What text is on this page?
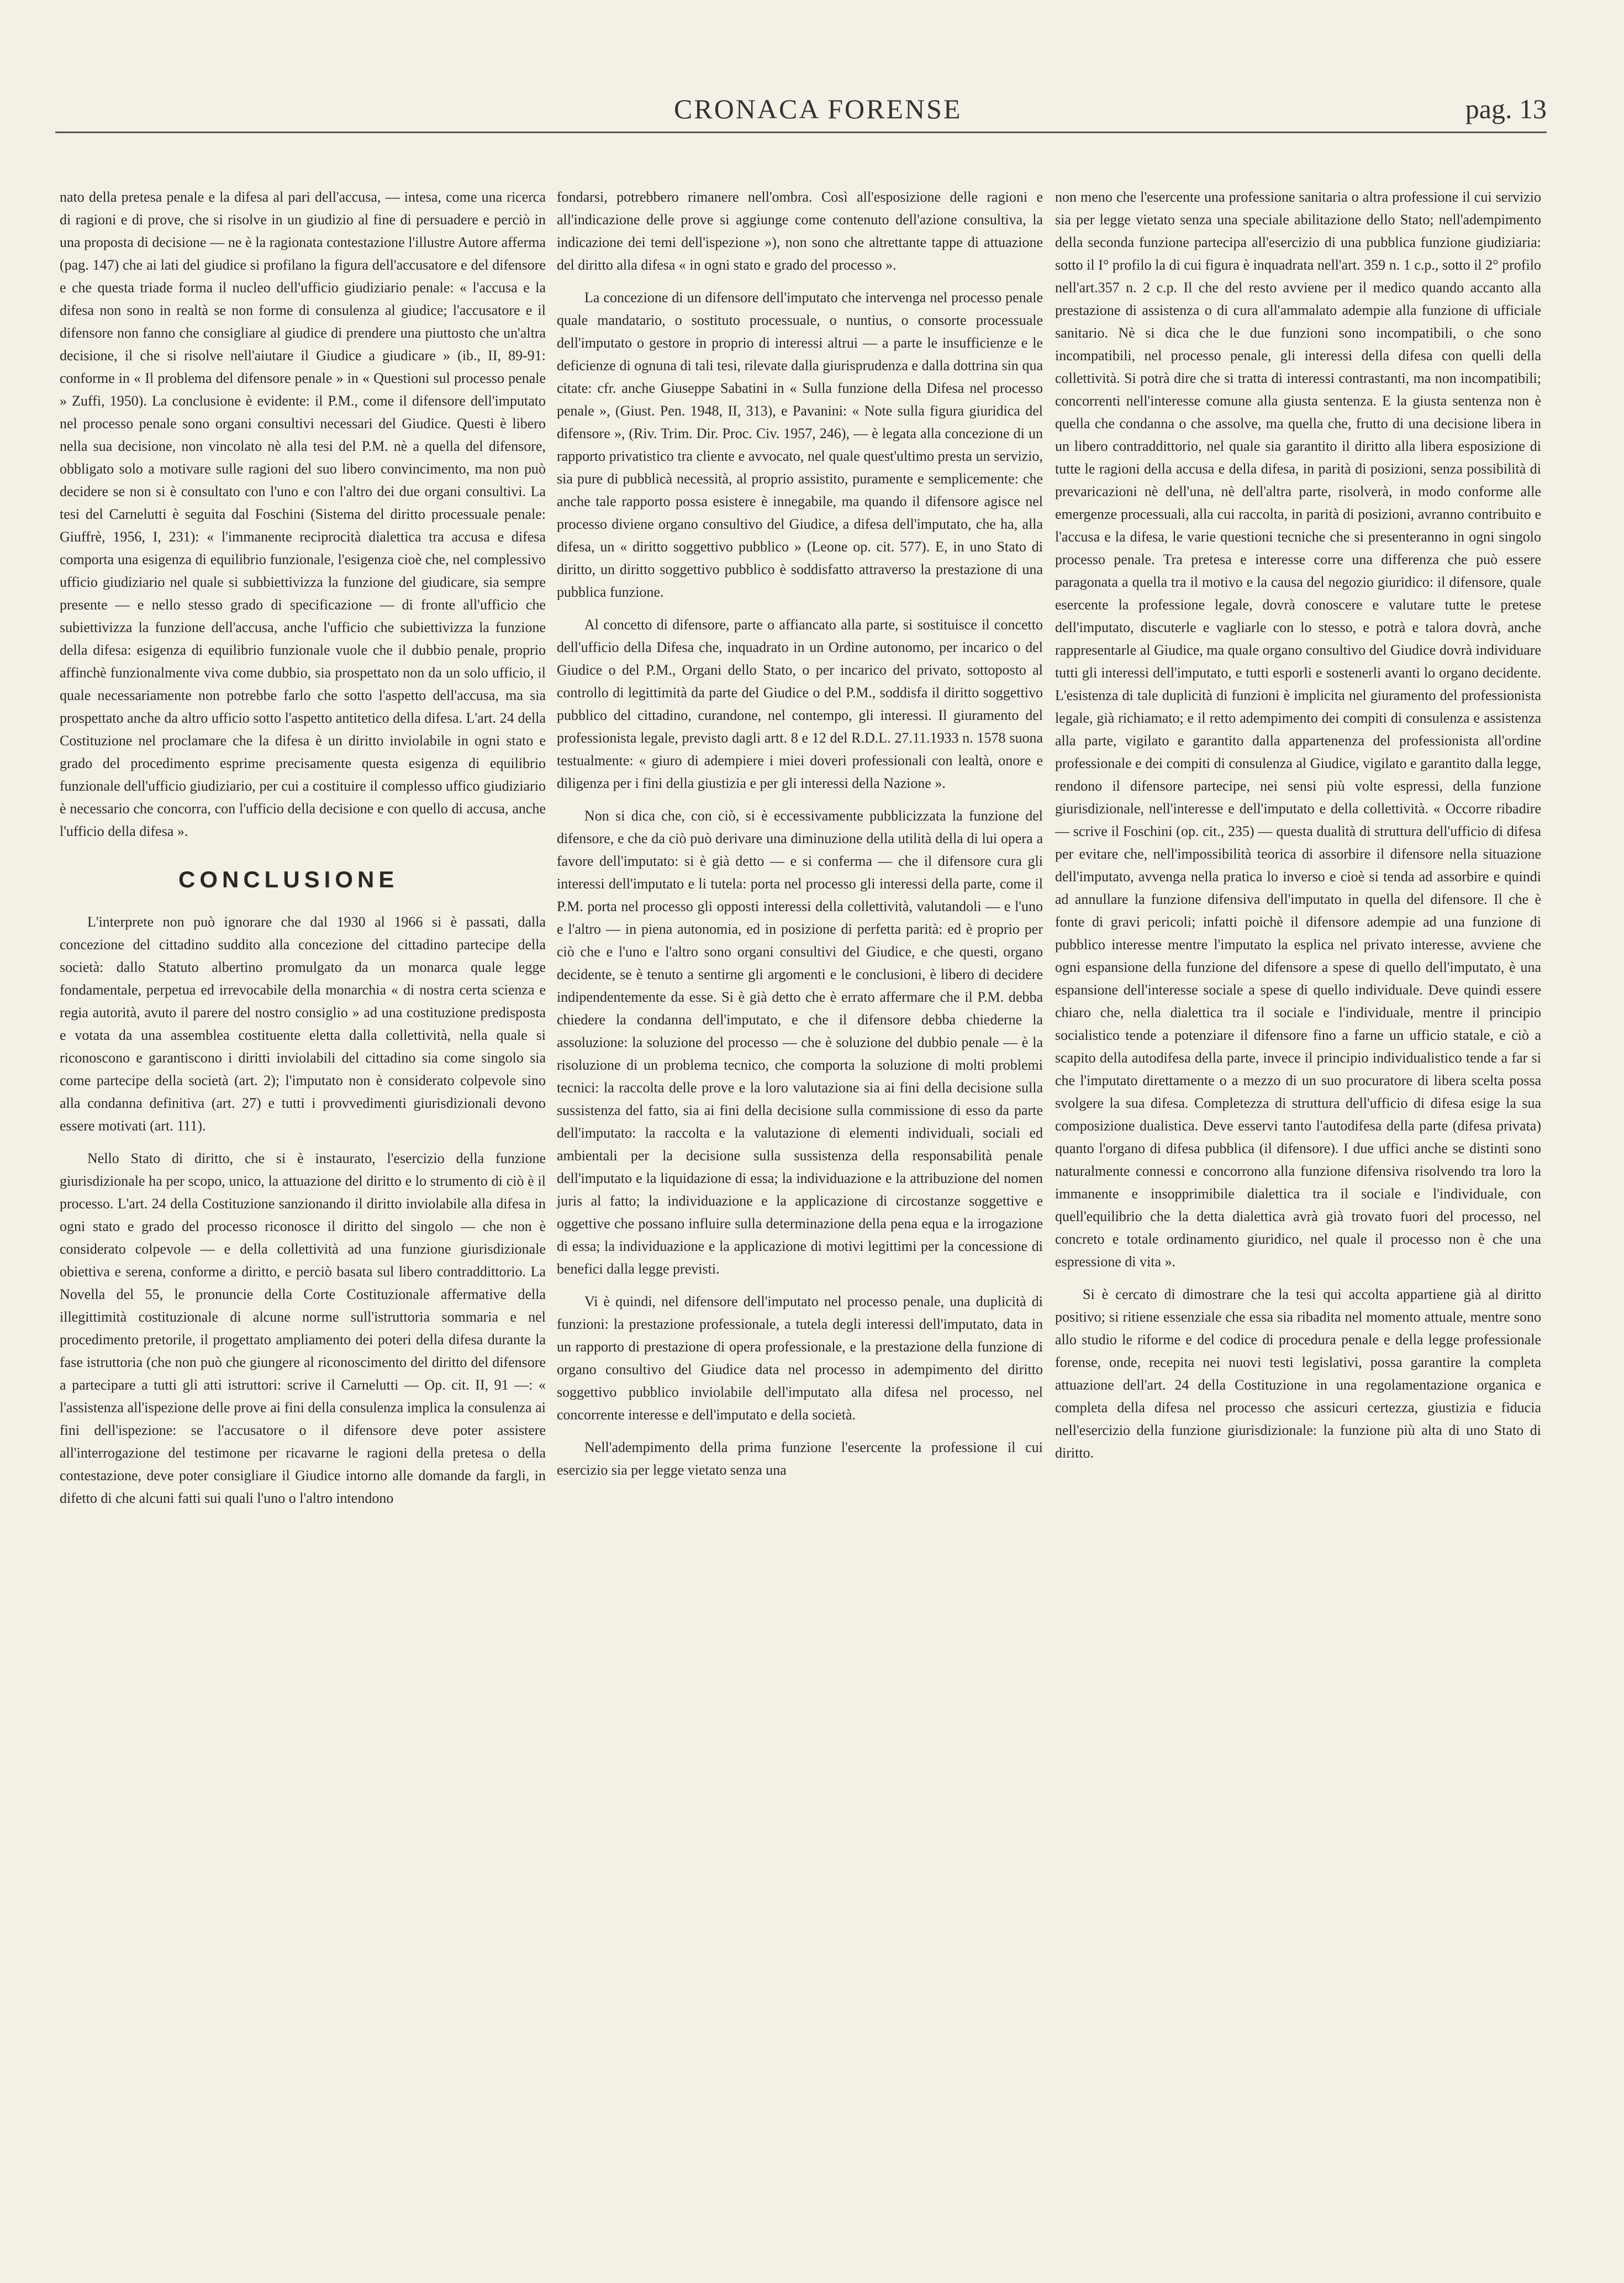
CRONACA FORENSE	pag. 13

nato della pretesa penale e la difesa al pari dell'accusa, — intesa, come una ricerca di ragioni e di prove, che si risolve in un giudizio al fine di persuadere e perciò in una proposta di decisione — ne è la ragionata contestazione l'illustre Autore afferma (pag. 147) che ai lati del giudice si profilano la figura dell'accusatore e del difensore e che questa triade forma il nucleo dell'ufficio giudiziario penale: « l'accusa e la difesa non sono in realtà se non forme di consulenza al giudice; l'accusatore e il difensore non fanno che consigliare al giudice di prendere una piuttosto che un'altra decisione, il che si risolve nell'aiutare il Giudice a giudicare » (ib., II, 89-91: conforme in « Il problema del difensore penale » in « Questioni sul processo penale » Zuffi, 1950). La conclusione è evidente: il P.M., come il difensore dell'imputato nel processo penale sono organi consultivi necessari del Giudice. Questi è libero nella sua decisione, non vincolato nè alla tesi del P.M. nè a quella del difensore, obbligato solo a motivare sulle ragioni del suo libero convincimento, ma non può decidere se non si è consultato con l'uno e con l'altro dei due organi consultivi. La tesi del Carnelutti è seguita dal Foschini (Sistema del diritto processuale penale: Giuffrè, 1956, I, 231): « l'immanente reciprocità dialettica tra accusa e difesa comporta una esigenza di equilibrio funzionale, l'esigenza cioè che, nel complessivo ufficio giudiziario nel quale si subbiettivizza la funzione del giudicare, sia sempre presente — e nello stesso grado di specificazione — di fronte all'ufficio che subiettivizza la funzione dell'accusa, anche l'ufficio che subiettivizza la funzione della difesa: esigenza di equilibrio funzionale vuole che il dubbio penale, proprio affinchè funzionalmente viva come dubbio, sia prospettato non da un solo ufficio, il quale necessariamente non potrebbe farlo che sotto l'aspetto dell'accusa, ma sia prospettato anche da altro ufficio sotto l'aspetto antitetico della difesa. L'art. 24 della Costituzione nel proclamare che la difesa è un diritto inviolabile in ogni stato e grado del procedimento esprime precisamente questa esigenza di equilibrio funzionale dell'ufficio giudiziario, per cui a costituire il complesso uffico giudiziario è necessario che concorra, con l'ufficio della decisione e con quello di accusa, anche l'ufficio della difesa ».

CONCLUSIONE

L'interprete non può ignorare che dal 1930 al 1966 si è passati, dalla concezione del cittadino suddito alla concezione del cittadino partecipe della società: dallo Statuto albertino promulgato da un monarca quale legge fondamentale, perpetua ed irrevocabile della monarchia « di nostra certa scienza e regia autorità, avuto il parere del nostro consiglio » ad una costituzione predisposta e votata da una assemblea costituente eletta dalla collettività, nella quale si riconoscono e garantiscono i diritti inviolabili del cittadino sia come singolo sia come partecipe della società (art. 2); l'imputato non è considerato colpevole sino alla condanna definitiva (art. 27) e tutti i provvedimenti giurisdizionali devono essere motivati (art. 111).

Nello Stato di diritto, che si è instaurato, l'esercizio della funzione giurisdizionale ha per scopo, unico, la attuazione del diritto e lo strumento di ciò è il processo. L'art. 24 della Costituzione sanzionando il diritto inviolabile alla difesa in ogni stato e grado del processo riconosce il diritto del singolo — che non è considerato colpevole — e della collettività ad una funzione giurisdizionale obiettiva e serena, conforme a diritto, e perciò basata sul libero contraddittorio. La Novella del 55, le pronuncie della Corte Costituzionale affermative della illegittimità costituzionale di alcune norme sull'istruttoria sommaria e nel procedimento pretorile, il progettato ampliamento dei poteri della difesa durante la fase istruttoria (che non può che giungere al riconoscimento del diritto del difensore a partecipare a tutti gli atti istruttori: scrive il Carnelutti — Op. cit. II, 91 —: « l'assistenza all'ispezione delle prove ai fini della consulenza implica la consulenza ai fini dell'ispezione: se l'accusatore o il difensore deve poter assistere all'interrogazione del testimone per ricavarne le ragioni della pretesa o della contestazione, deve poter consigliare il Giudice intorno alle domande da fargli, in difetto di che alcuni fatti sui quali l'uno o l'altro intendono

fondarsi, potrebbero rimanere nell'ombra. Così all'esposizione delle ragioni e all'indicazione delle prove si aggiunge come contenuto dell'azione consultiva, la indicazione dei temi dell'ispezione »), non sono che altrettante tappe di attuazione del diritto alla difesa « in ogni stato e grado del processo ».

La concezione di un difensore dell'imputato che intervenga nel processo penale quale mandatario, o sostituto processuale, o nuntius, o consorte processuale dell'imputato o gestore in proprio di interessi altrui — a parte le insufficienze e le deficienze di ognuna di tali tesi, rilevate dalla giurisprudenza e dalla dottrina sin qua citate: cfr. anche Giuseppe Sabatini in « Sulla funzione della Difesa nel processo penale », (Giust. Pen. 1948, II, 313), e Pavanini: « Note sulla figura giuridica del difensore », (Riv. Trim. Dir. Proc. Civ. 1957, 246), — è legata alla concezione di un rapporto privatistico tra cliente e avvocato, nel quale quest'ultimo presta un servizio, sia pure di pubblicà necessità, al proprio assistito, puramente e semplicemente: che anche tale rapporto possa esistere è innegabile, ma quando il difensore agisce nel processo diviene organo consultivo del Giudice, a difesa dell'imputato, che ha, alla difesa, un « diritto soggettivo pubblico » (Leone op. cit. 577). E, in uno Stato di diritto, un diritto soggettivo pubblico è soddisfatto attraverso la prestazione di una pubblica funzione.

Al concetto di difensore, parte o affiancato alla parte, si sostituisce il concetto dell'ufficio della Difesa che, inquadrato in un Ordine autonomo, per incarico o del Giudice o del P.M., Organi dello Stato, o per incarico del privato, sottoposto al controllo di legittimità da parte del Giudice o del P.M., soddisfa il diritto soggettivo pubblico del cittadino, curandone, nel contempo, gli interessi. Il giuramento del professionista legale, previsto dagli artt. 8 e 12 del R.D.L. 27.11.1933 n. 1578 suona testualmente: « giuro di adempiere i miei doveri professionali con lealtà, onore e diligenza per i fini della giustizia e per gli interessi della Nazione ».

Non si dica che, con ciò, si è eccessivamente pubblicizzata la funzione del difensore, e che da ciò può derivare una diminuzione della utilità della di lui opera a favore dell'imputato: si è già detto — e si conferma — che il difensore cura gli interessi dell'imputato e li tutela: porta nel processo gli interessi della parte, come il P.M. porta nel processo gli opposti interessi della collettività, valutandoli — e l'uno e l'altro — in piena autonomia, ed in posizione di perfetta parità: ed è proprio per ciò che e l'uno e l'altro sono organi consultivi del Giudice, e che questi, organo decidente, se è tenuto a sentirne gli argomenti e le conclusioni, è libero di decidere indipendentemente da esse. Si è già detto che è errato affermare che il P.M. debba chiedere la condanna dell'imputato, e che il difensore debba chiederne la assoluzione: la soluzione del processo — che è soluzione del dubbio penale — è la risoluzione di un problema tecnico, che comporta la soluzione di molti problemi tecnici: la raccolta delle prove e la loro valutazione sia ai fini della decisione sulla sussistenza del fatto, sia ai fini della decisione sulla commissione di esso da parte dell'imputato: la raccolta e la valutazione di elementi individuali, sociali ed ambientali per la decisione sulla sussistenza della responsabilità penale dell'imputato e la liquidazione di essa; la individuazione e la attribuzione del nomen juris al fatto; la individuazione e la applicazione di circostanze soggettive e oggettive che possano influire sulla determinazione della pena equa e la irrogazione di essa; la individuazione e la applicazione di motivi legittimi per la concessione di benefici dalla legge previsti.

Vi è quindi, nel difensore dell'imputato nel processo penale, una duplicità di funzioni: la prestazione professionale, a tutela degli interessi dell'imputato, data in un rapporto di prestazione di opera professionale, e la prestazione della funzione di organo consultivo del Giudice data nel processo in adempimento del diritto soggettivo pubblico inviolabile dell'imputato alla difesa nel processo, nel concorrente interesse e dell'imputato e della società.

Nell'adempimento della prima funzione l'esercente la professione il cui esercizio sia per legge vietato senza una

non meno che l'esercente una professione sanitaria o altra professione il cui servizio sia per legge vietato senza una speciale abilitazione dello Stato; nell'adempimento della seconda funzione partecipa all'esercizio di una pubblica funzione giudiziaria: sotto il I° profilo la di cui figura è inquadrata nell'art. 359 n. 1 c.p., sotto il 2° profilo nell'art.357 n. 2 c.p. Il che del resto avviene per il medico quando accanto alla prestazione di assistenza o di cura all'ammalato adempie alla funzione di ufficiale sanitario. Nè si dica che le due funzioni sono incompatibili, o che sono incompatibili, nel processo penale, gli interessi della difesa con quelli della collettività. Si potrà dire che si tratta di interessi contrastanti, ma non incompatibili; concorrenti nell'interesse comune alla giusta sentenza. E la giusta sentenza non è quella che condanna o che assolve, ma quella che, frutto di una decisione libera in un libero contraddittorio, nel quale sia garantito il diritto alla libera esposizione di tutte le ragioni della accusa e della difesa, in parità di posizioni, senza possibilità di prevaricazioni nè dell'una, nè dell'altra parte, risolverà, in modo conforme alle emergenze processuali, alla cui raccolta, in parità di posizioni, avranno contribuito e l'accusa e la difesa, le varie questioni tecniche che si presenteranno in ogni singolo processo penale. Tra pretesa e interesse corre una differenza che può essere paragonata a quella tra il motivo e la causa del negozio giuridico: il difensore, quale esercente la professione legale, dovrà conoscere e valutare tutte le pretese dell'imputato, discuterle e vagliarle con lo stesso, e potrà e talora dovrà, anche rappresentarle al Giudice, ma quale organo consultivo del Giudice dovrà individuare tutti gli interessi dell'imputato, e tutti esporli e sostenerli avanti lo organo decidente. L'esistenza di tale duplicità di funzioni è implicita nel giuramento del professionista legale, già richiamato; e il retto adempimento dei compiti di consulenza e assistenza alla parte, vigilato e garantito dalla appartenenza del professionista all'ordine professionale e dei compiti di consulenza al Giudice, vigilato e garantito dalla legge, rendono il difensore partecipe, nei sensi più volte espressi, della funzione giurisdizionale, nell'interesse e dell'imputato e della collettività. « Occorre ribadire — scrive il Foschini (op. cit., 235) — questa dualità di struttura dell'ufficio di difesa per evitare che, nell'impossibilità teorica di assorbire il difensore nella situazione dell'imputato, avvenga nella pratica lo inverso e cioè si tenda ad assorbire e quindi ad annullare la funzione difensiva dell'imputato in quella del difensore. Il che è fonte di gravi pericoli; infatti poichè il difensore adempie ad una funzione di pubblico interesse mentre l'imputato la esplica nel privato interesse, avviene che ogni espansione della funzione del difensore a spese di quello dell'imputato, è una espansione dell'interesse sociale a spese di quello individuale. Deve quindi essere chiaro che, nella dialettica tra il sociale e l'individuale, mentre il principio socialistico tende a potenziare il difensore fino a farne un ufficio statale, e ciò a scapito della autodifesa della parte, invece il principio individualistico tende a far si che l'imputato direttamente o a mezzo di un suo procuratore di libera scelta possa svolgere la sua difesa. Completezza di struttura dell'ufficio di difesa esige la sua composizione dualistica. Deve esservi tanto l'autodifesa della parte (difesa privata) quanto l'organo di difesa pubblica (il difensore). I due uffici anche se distinti sono naturalmente connessi e concorrono alla funzione difensiva risolvendo tra loro la immanente e insopprimibile dialettica tra il sociale e l'individuale, con quell'equilibrio che la detta dialettica avrà già trovato fuori del processo, nel concreto e totale ordinamento giuridico, nel quale il processo non è che una espressione di vita ».

Si è cercato di dimostrare che la tesi qui accolta appartiene già al diritto positivo; si ritiene essenziale che essa sia ribadita nel momento attuale, mentre sono allo studio le riforme e del codice di procedura penale e della legge professionale forense, onde, recepita nei nuovi testi legislativi, possa garantire la completa attuazione dell'art. 24 della Costituzione in una regolamentazione organica e completa della difesa nel processo che assicuri certezza, giustizia e fiducia nell'esercizio della funzione giurisdizionale: la funzione più alta di uno Stato di diritto.
